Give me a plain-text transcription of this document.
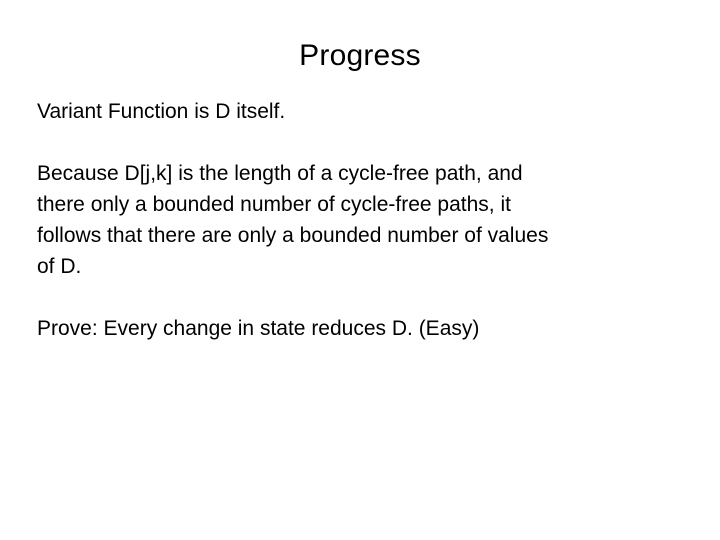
Progress
Variant Function is D itself.
Because D[j,k] is the length of a cycle-free path, and
there only a bounded number of cycle-free paths, it
follows that there are only a bounded number of values
of D.
Prove: Every change in state reduces D. (Easy)
